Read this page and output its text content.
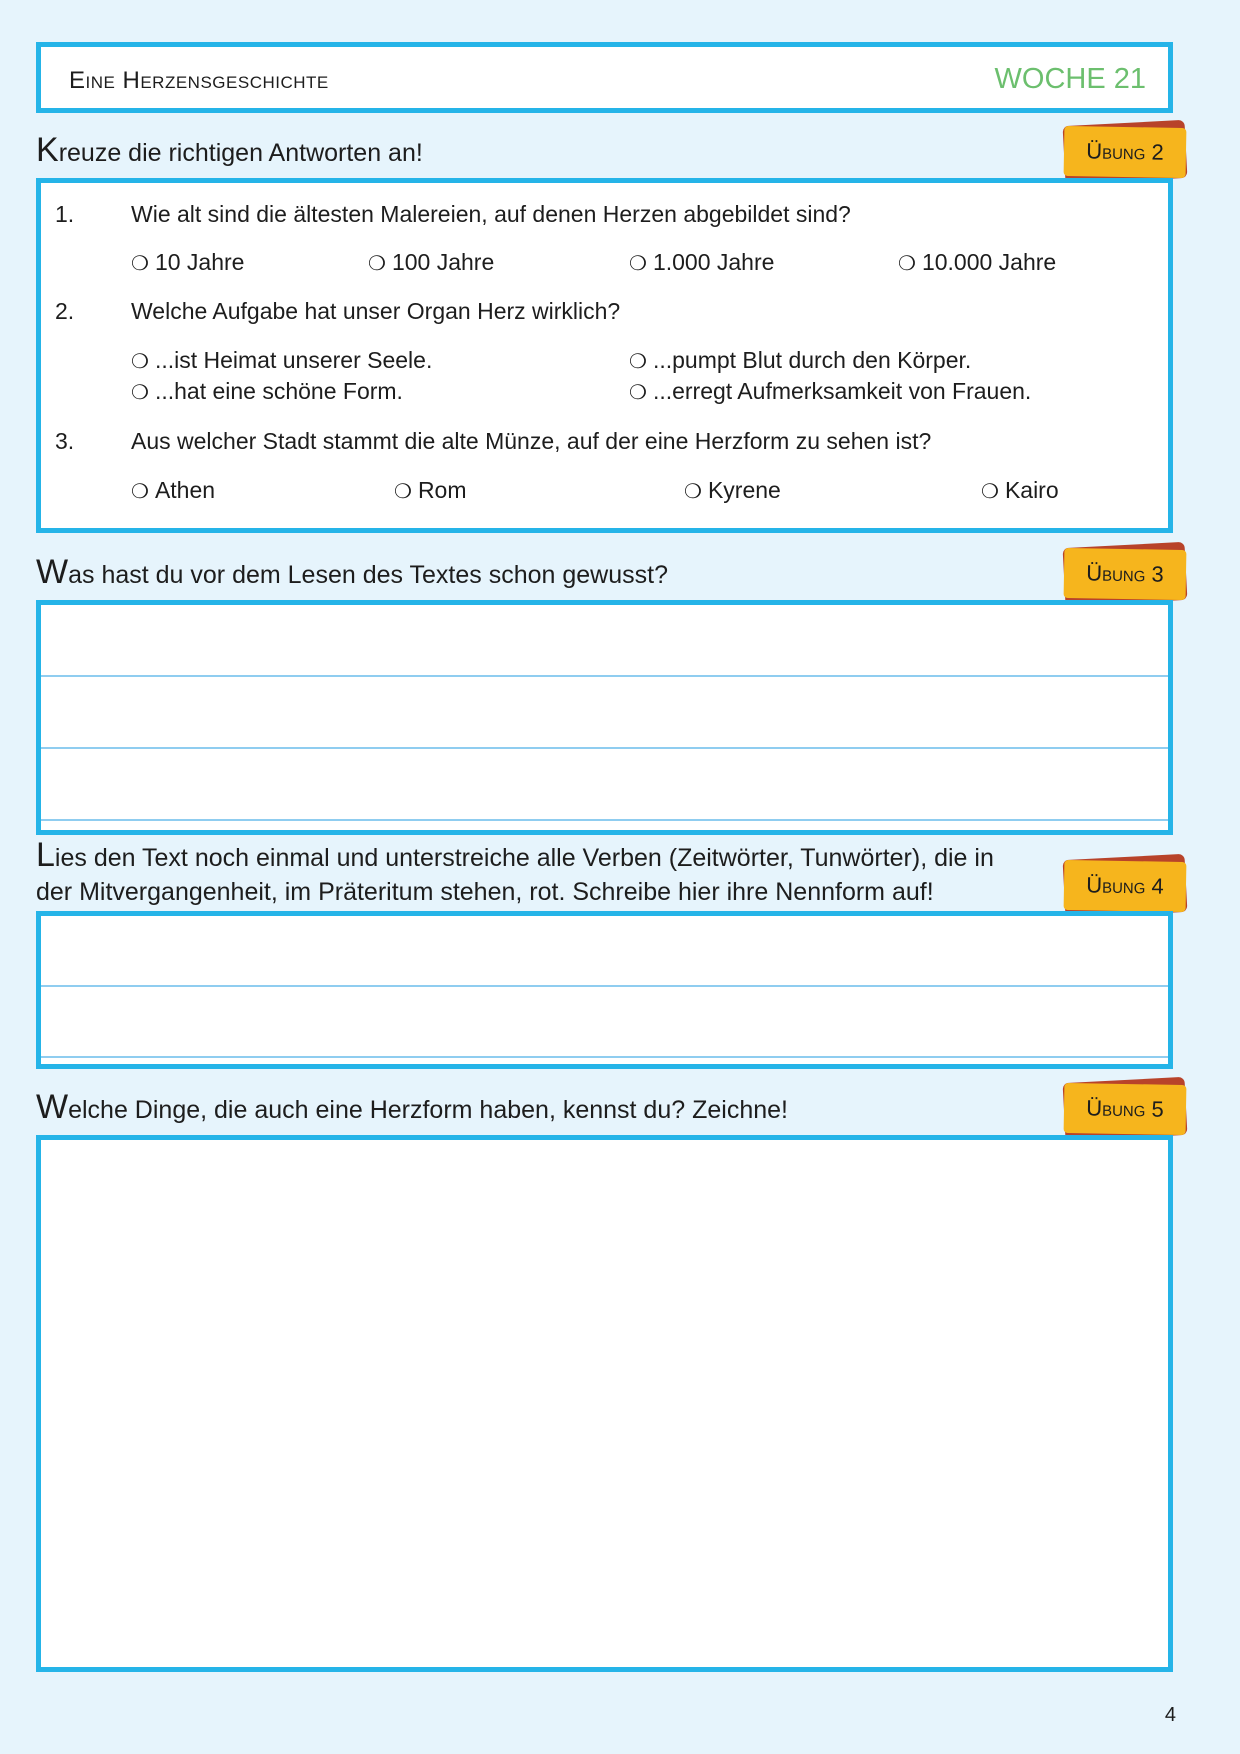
Eine Herzensgeschichte	WOCHE 21
Kreuze die richtigen Antworten an!	Übung 2
1. Wie alt sind die ältesten Malereien, auf denen Herzen abgebildet sind?
❍ 10 Jahre	❍ 100 Jahre	❍ 1.000 Jahre	❍ 10.000 Jahre
2. Welche Aufgabe hat unser Organ Herz wirklich?
❍ ...ist Heimat unserer Seele.	❍ ...pumpt Blut durch den Körper.
❍ ...hat eine schöne Form.	❍ ...erregt Aufmerksamkeit von Frauen.
3. Aus welcher Stadt stammt die alte Münze, auf der eine Herzform zu sehen ist?
❍ Athen	❍ Rom	❍ Kyrene	❍ Kairo
Was hast du vor dem Lesen des Textes schon gewusst?	Übung 3
Lies den Text noch einmal und unterstreiche alle Verben (Zeitwörter, Tunwörter), die in
der Mitvergangenheit, im Präteritum stehen, rot. Schreibe hier ihre Nennform auf!	Übung 4
Welche Dinge, die auch eine Herzform haben, kennst du? Zeichne!	Übung 5
4
